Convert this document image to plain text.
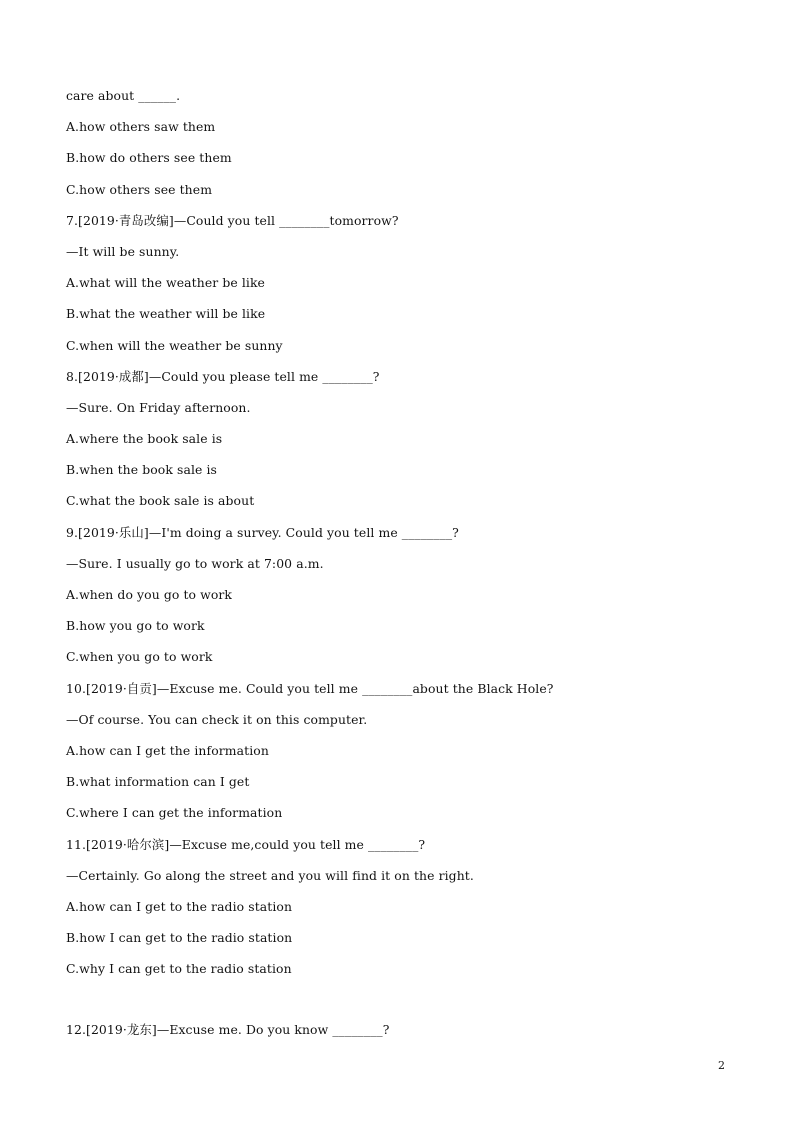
care about ______.
A.how others saw them
B.how do others see them
C.how others see them
7.[2019·青岛改编]—Could you tell ________tomorrow?
—It will be sunny.
A.what will the weather be like
B.what the weather will be like
C.when will the weather be sunny
8.[2019·成都]—Could you please tell me ________?
—Sure. On Friday afternoon.
A.where the book sale is
B.when the book sale is
C.what the book sale is about
9.[2019·乐山]—I'm doing a survey. Could you tell me ________?
—Sure. I usually go to work at 7:00 a.m.
A.when do you go to work
B.how you go to work
C.when you go to work
10.[2019·自贡]—Excuse me. Could you tell me ________about the Black Hole?
—Of course. You can check it on this computer.
A.how can I get the information
B.what information can I get
C.where I can get the information
11.[2019·哈尔滨]—Excuse me,could you tell me ________?
—Certainly. Go along the street and you will find it on the right.
A.how can I get to the radio station
B.how I can get to the radio station
C.why I can get to the radio station
12.[2019·龙东]—Excuse me. Do you know ________?
2
